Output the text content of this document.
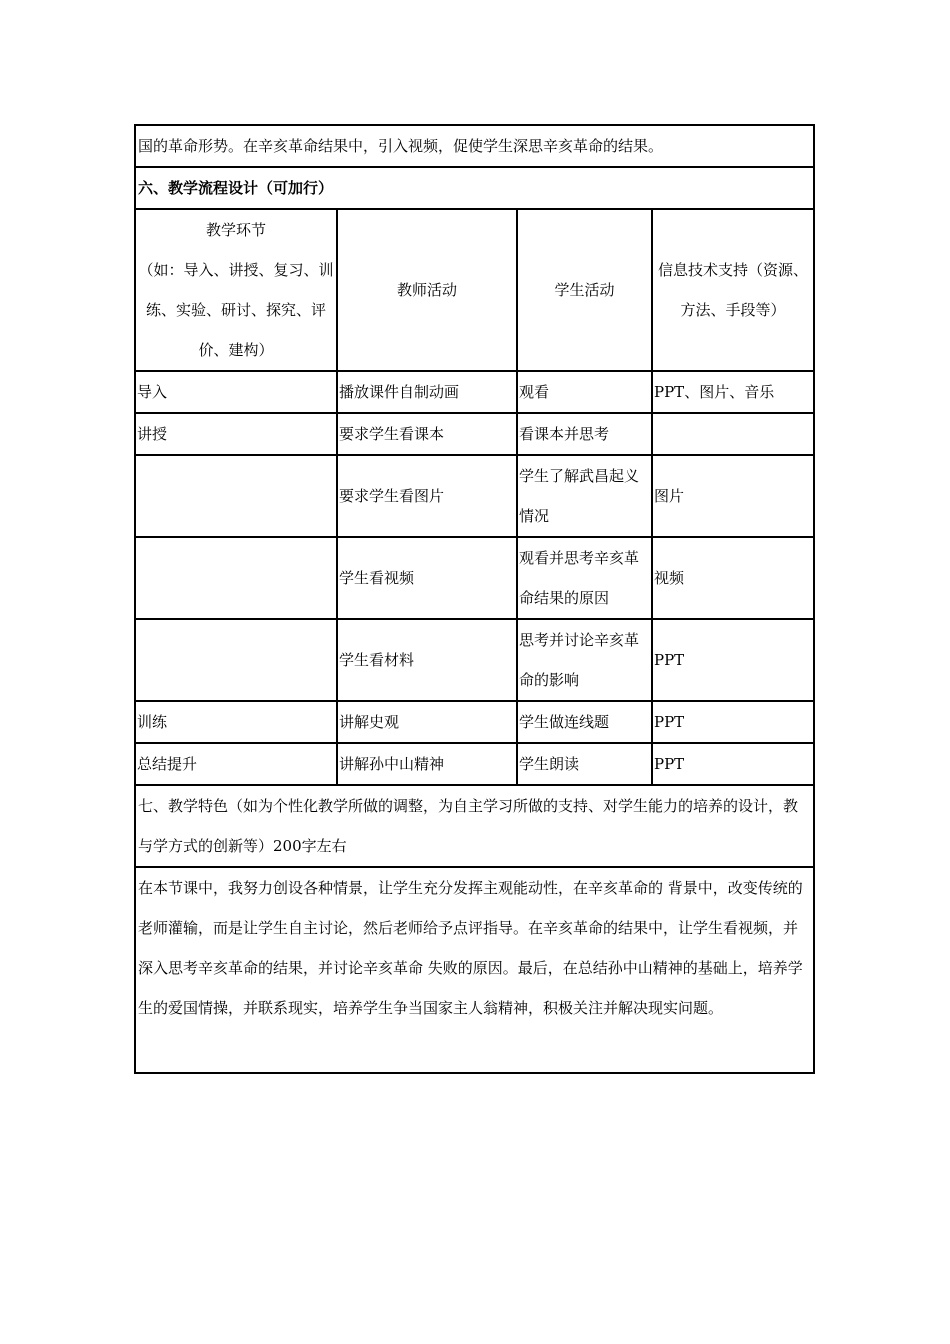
国的革命形势。在辛亥革命结果中，引入视频，促使学生深思辛亥革命的结果。			
六、教学流程设计（可加行）			
教学环节
（如：导入、讲授、复习、训练、实验、研讨、探究、评价、建构）	教师活动	学生活动	信息技术支持（资源、方法、手段等）
导入	播放课件自制动画	观看	PPT、图片、音乐
讲授	要求学生看课本	看课本并思考	
	要求学生看图片	学生了解武昌起义情况	图片
	学生看视频	观看并思考辛亥革命结果的原因	视频
	学生看材料	思考并讨论辛亥革命的影响	PPT
训练	讲解史观	学生做连线题	PPT
总结提升	讲解孙中山精神	学生朗读	PPT
七、教学特色（如为个性化教学所做的调整，为自主学习所做的支持、对学生能力的培养的设计，教与学方式的创新等）200字左右			
在本节课中，我努力创设各种情景，让学生充分发挥主观能动性，在辛亥革命的 背景中，改变传统的老师灌输，而是让学生自主讨论，然后老师给予点评指导。在辛亥革命的结果中，让学生看视频，并深入思考辛亥革命的结果，并讨论辛亥革命 失败的原因。最后，在总结孙中山精神的基础上，培养学生的爱国情操，并联系现实，培养学生争当国家主人翁精神，积极关注并解决现实问题。			
